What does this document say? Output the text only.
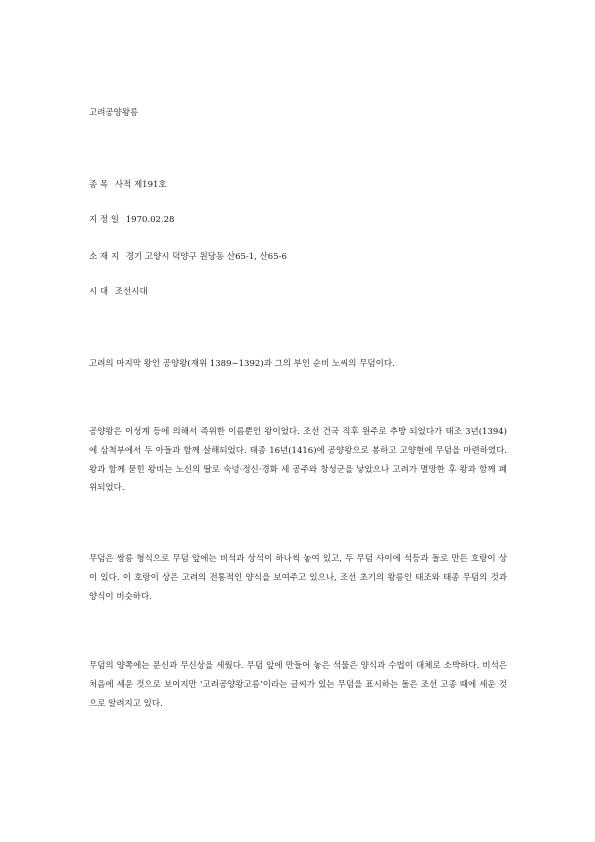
고려공양왕릉
종 목 사적 제191호
지 정 일 1970.02.28
소 재 지 경기 고양시 덕양구 원당동 산65-1, 산65-6
시 대 조선시대
고려의 마지막 왕인 공양왕(재위 1389∼1392)과 그의 부인 순비 노씨의 무덤이다.
공양왕은 이성계 등에 의해서 즉위한 이름뿐인 왕이었다. 조선 건국 직후 원주로 추방 되었다가 태조 3년(1394)에 삼척부에서 두 아들과 함께 살해되었다. 태종 16년(1416)에 공양왕으로 봉하고 고양현에 무덤을 마련하였다. 왕과 함께 묻힌 왕비는 노신의 딸로 숙녕·정신·경화 세 공주와 창성군을 낳았으나 고려가 멸망한 후 왕과 함께 폐위되었다.
무덤은 쌍릉 형식으로 무덤 앞에는 비석과 상석이 하나씩 놓여 있고, 두 무덤 사이에 석등과 돌로 만든 호랑이 상이 있다. 이 호랑이 상은 고려의 전통적인 양식을 보여주고 있으나, 조선 초기의 왕릉인 태조와 태종 무덤의 것과 양식이 비슷하다.
무덤의 양쪽에는 문신과 무신상을 세웠다. 무덤 앞에 만들어 놓은 석물은 양식과 수법이 대체로 소박하다. 비석은 처음에 세운 것으로 보이지만 ‘고려공양왕고릉’이라는 글씨가 있는 무덤을 표시하는 돌은 조선 고종 때에 세운 것으로 알려지고 있다.
